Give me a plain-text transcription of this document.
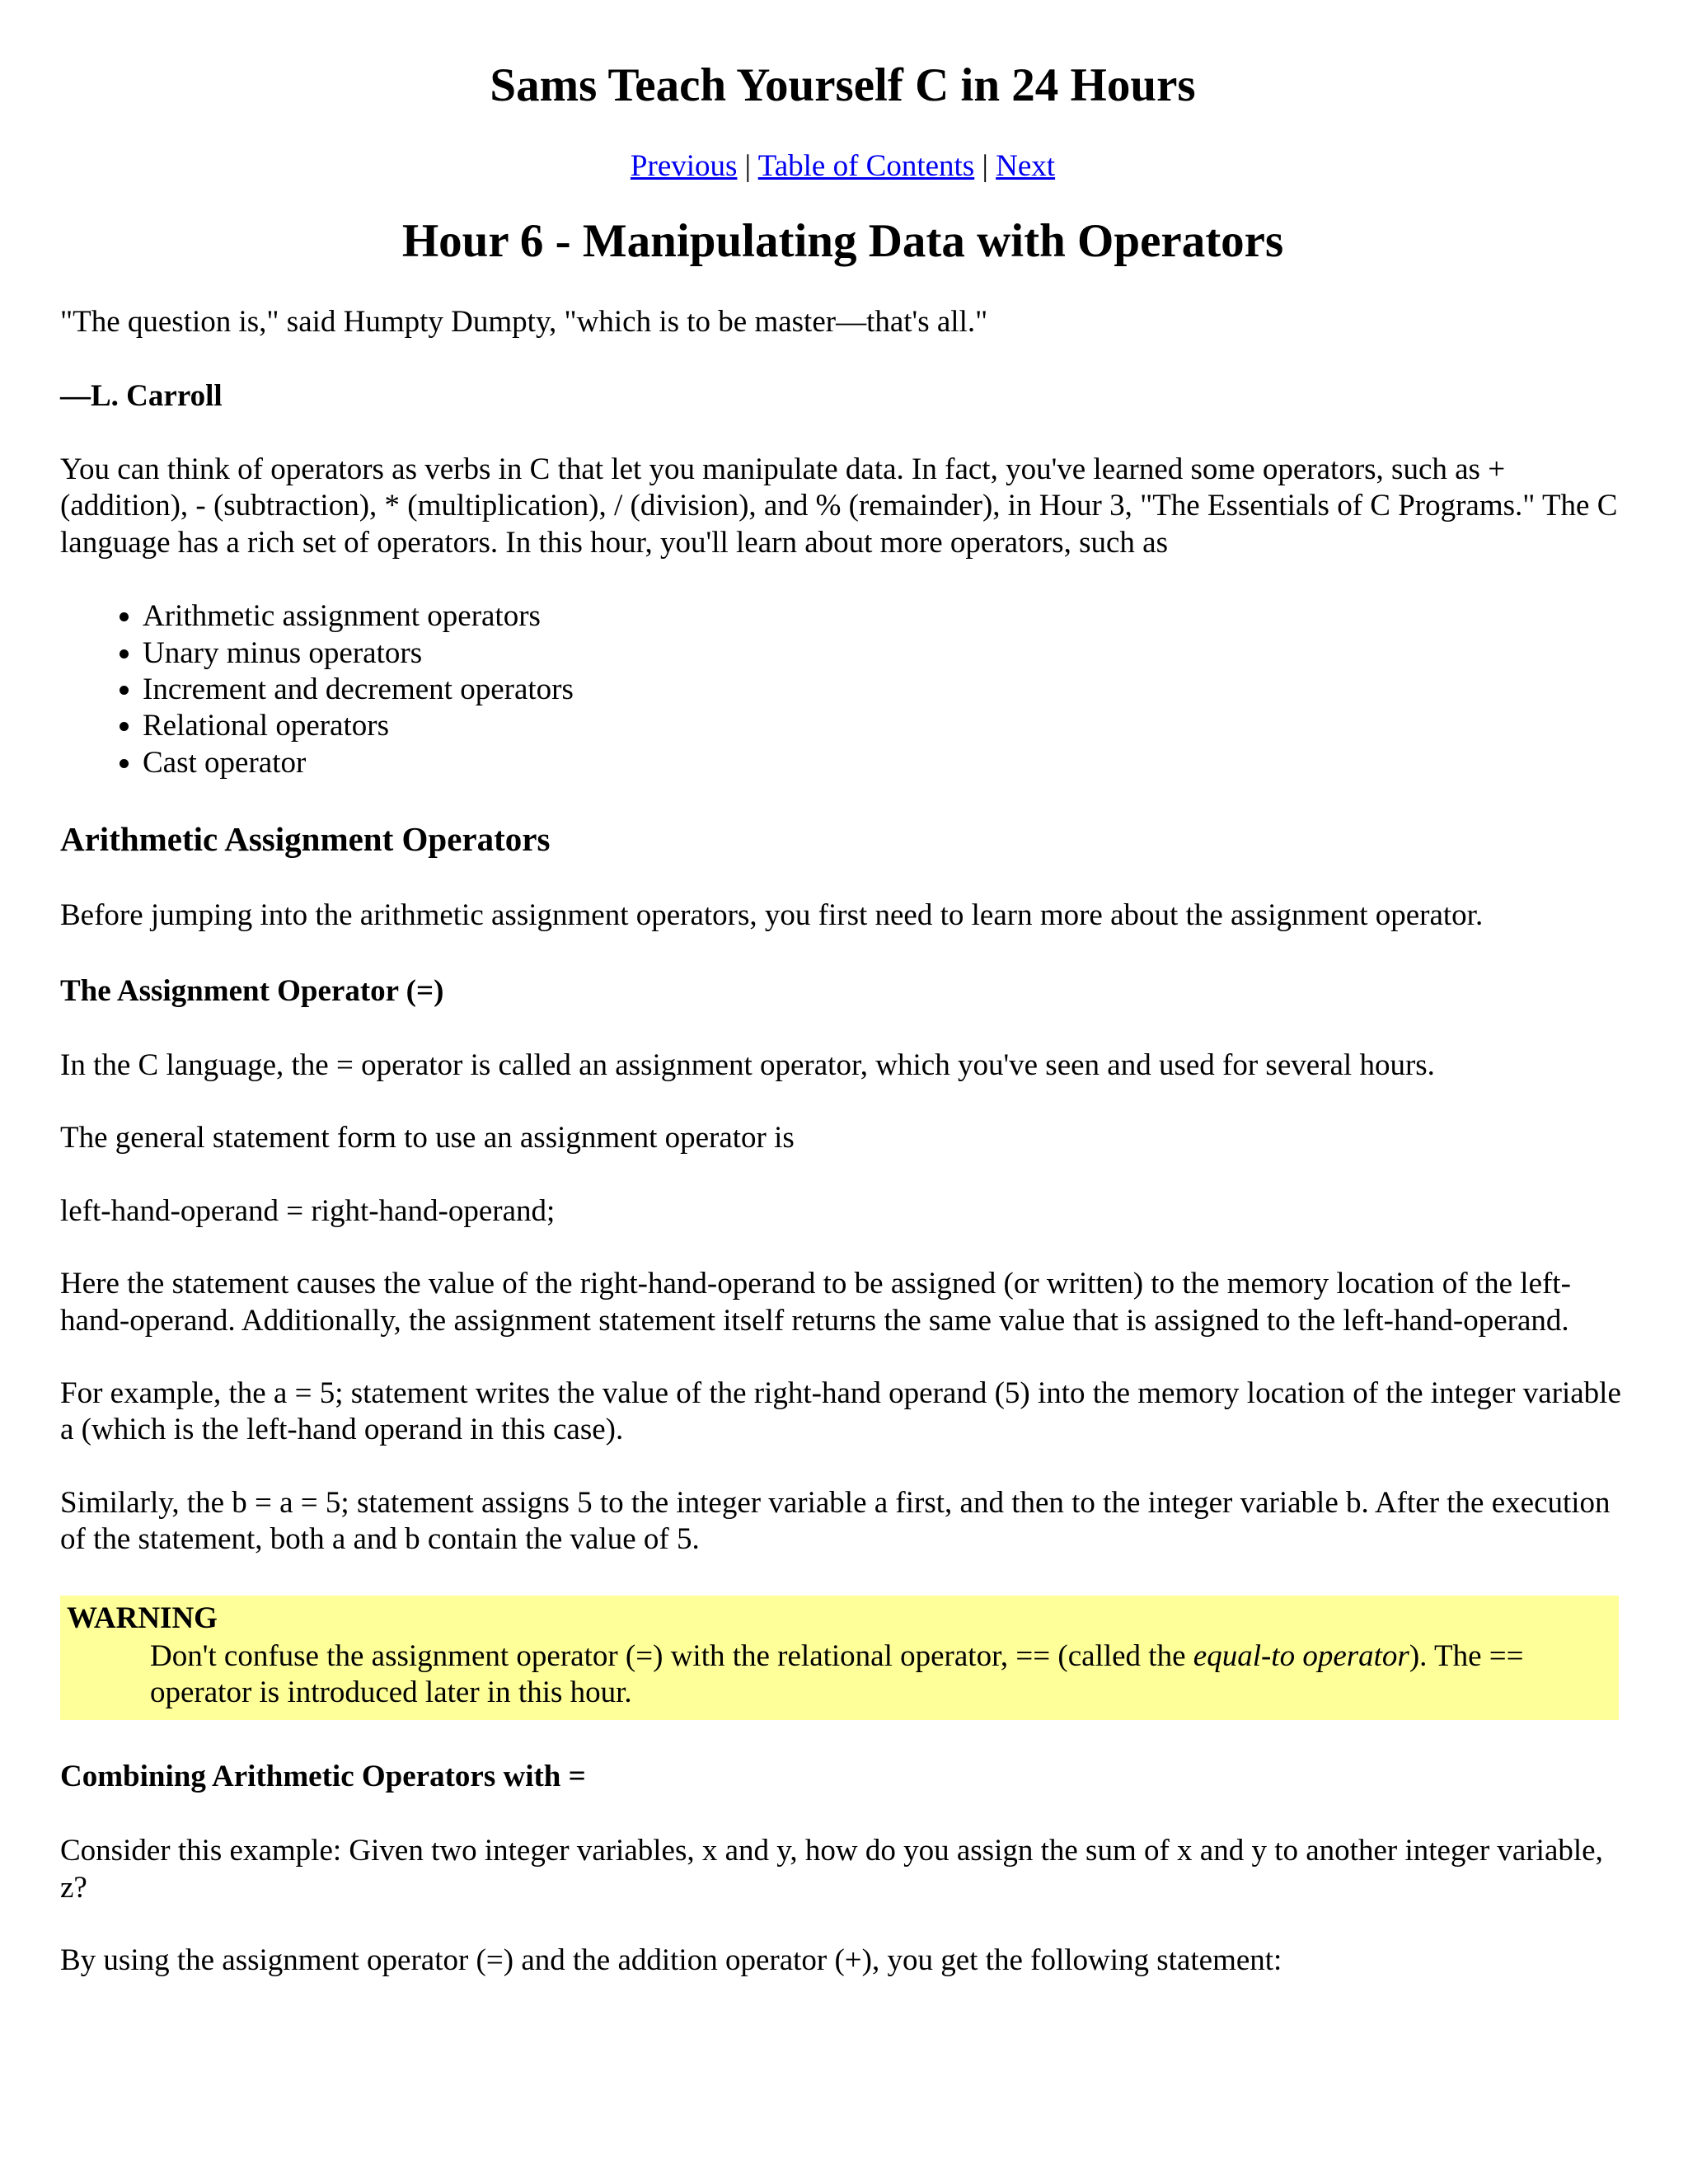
Sams Teach Yourself C in 24 Hours
Previous | Table of Contents | Next
Hour 6 - Manipulating Data with Operators

"The question is," said Humpty Dumpty, "which is to be master—that's all."

—L. Carroll

You can think of operators as verbs in C that let you manipulate data. In fact, you've learned some operators, such as + (addition), - (subtraction), * (multiplication), / (division), and % (remainder), in Hour 3, "The Essentials of C Programs." The C language has a rich set of operators. In this hour, you'll learn about more operators, such as

• Arithmetic assignment operators
• Unary minus operators
• Increment and decrement operators
• Relational operators
• Cast operator
Arithmetic Assignment Operators

Before jumping into the arithmetic assignment operators, you first need to learn more about the assignment operator.

The Assignment Operator (=)

In the C language, the = operator is called an assignment operator, which you've seen and used for several hours.

The general statement form to use an assignment operator is

left-hand-operand = right-hand-operand;

Here the statement causes the value of the right-hand-operand to be assigned (or written) to the memory location of the left-hand-operand. Additionally, the assignment statement itself returns the same value that is assigned to the left-hand-operand.

For example, the a = 5; statement writes the value of the right-hand operand (5) into the memory location of the integer variable a (which is the left-hand operand in this case).

Similarly, the b = a = 5; statement assigns 5 to the integer variable a first, and then to the integer variable b. After the execution of the statement, both a and b contain the value of 5.

WARNING
Don't confuse the assignment operator (=) with the relational operator, == (called the equal-to operator). The == operator is introduced later in this hour.
Combining Arithmetic Operators with =

Consider this example: Given two integer variables, x and y, how do you assign the sum of x and y to another integer variable, z?

By using the assignment operator (=) and the addition operator (+), you get the following statement:
